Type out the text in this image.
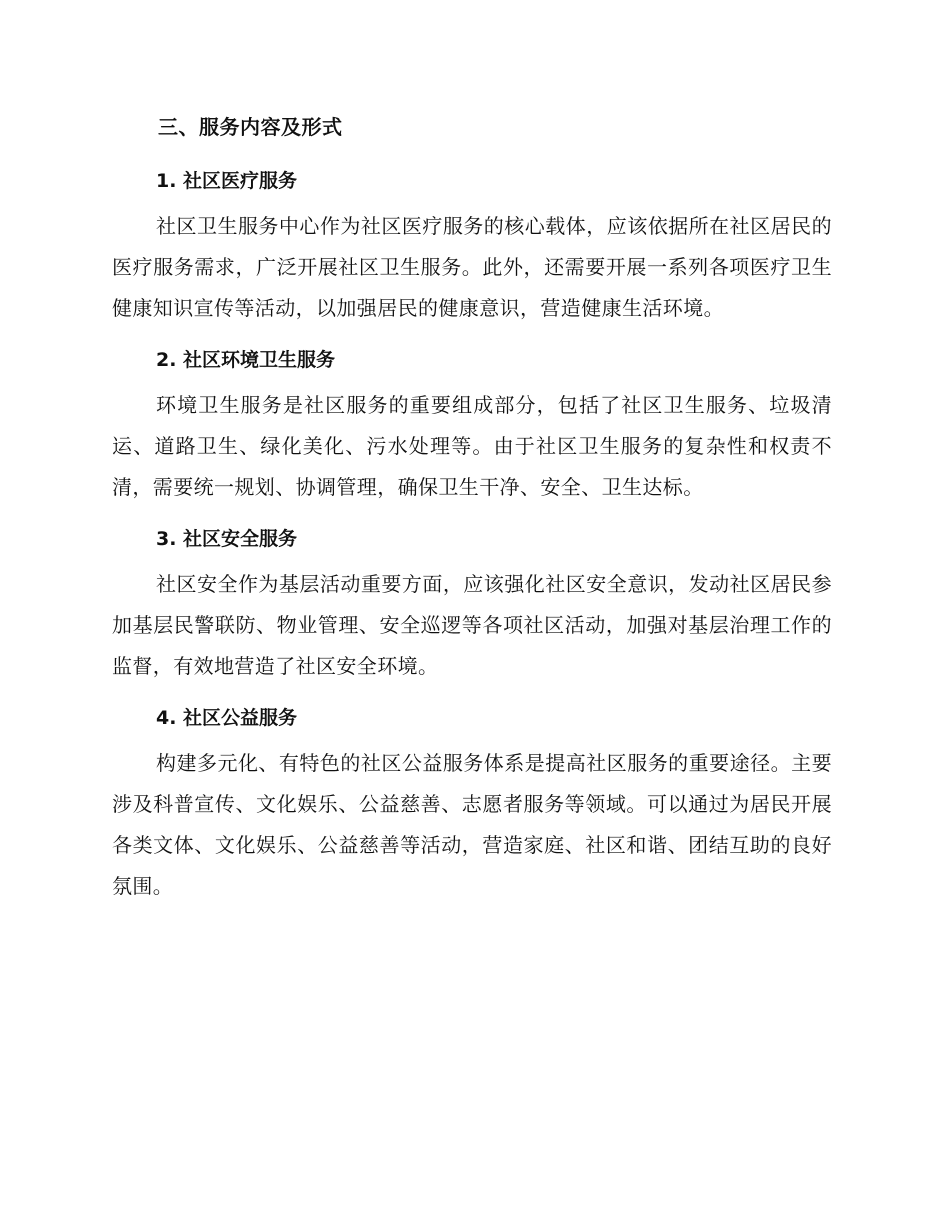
三、服务内容及形式
1. 社区医疗服务

社区卫生服务中心作为社区医疗服务的核心载体，应该依据所在社区居民的医疗服务需求，广泛开展社区卫生服务。此外，还需要开展一系列各项医疗卫生健康知识宣传等活动，以加强居民的健康意识，营造健康生活环境。

2. 社区环境卫生服务

环境卫生服务是社区服务的重要组成部分，包括了社区卫生服务、垃圾清运、道路卫生、绿化美化、污水处理等。由于社区卫生服务的复杂性和权责不清，需要统一规划、协调管理，确保卫生干净、安全、卫生达标。

3. 社区安全服务

社区安全作为基层活动重要方面，应该强化社区安全意识，发动社区居民参加基层民警联防、物业管理、安全巡逻等各项社区活动，加强对基层治理工作的监督，有效地营造了社区安全环境。

4. 社区公益服务

构建多元化、有特色的社区公益服务体系是提高社区服务的重要途径。主要涉及科普宣传、文化娱乐、公益慈善、志愿者服务等领域。可以通过为居民开展各类文体、文化娱乐、公益慈善等活动，营造家庭、社区和谐、团结互助的良好氛围。
